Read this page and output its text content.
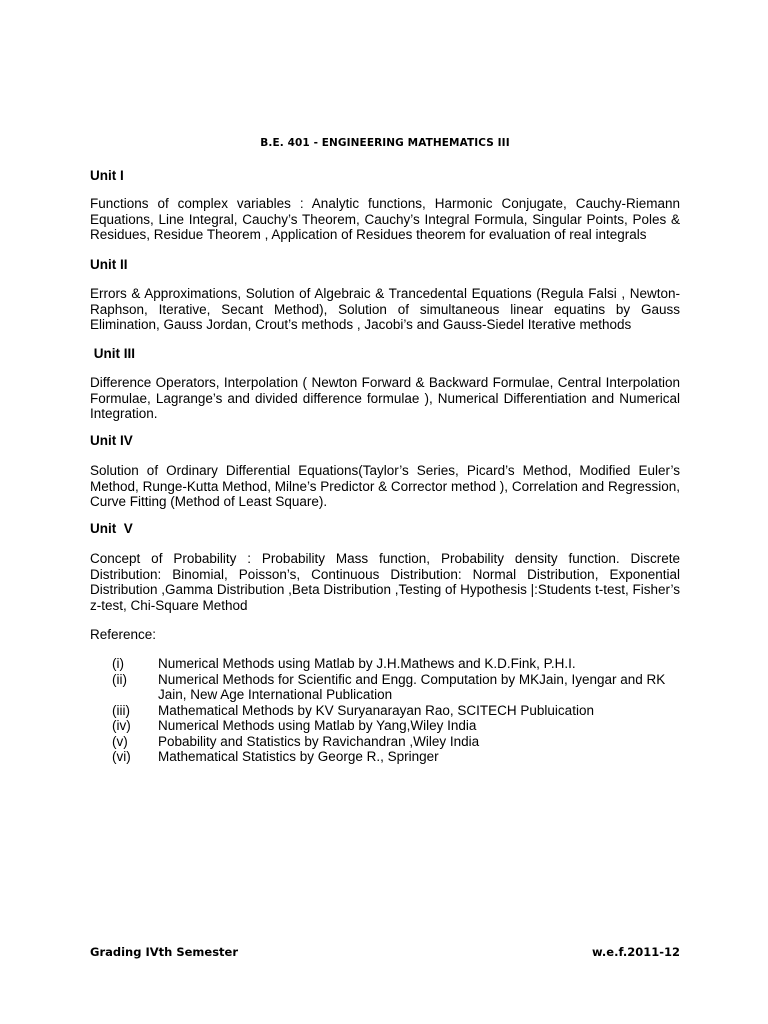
B.E. 401 - ENGINEERING MATHEMATICS III
Unit I
Functions of complex variables : Analytic functions, Harmonic Conjugate, Cauchy-Riemann Equations, Line Integral, Cauchy’s Theorem, Cauchy’s Integral Formula, Singular Points, Poles & Residues, Residue Theorem , Application of Residues theorem for evaluation of real integrals
Unit II
Errors & Approximations, Solution of Algebraic & Trancedental Equations (Regula Falsi , Newton-Raphson, Iterative, Secant Method), Solution of simultaneous linear equatins by Gauss Elimination, Gauss Jordan, Crout’s methods , Jacobi’s and Gauss-Siedel Iterative methods
Unit III
Difference Operators, Interpolation ( Newton Forward & Backward Formulae, Central Interpolation Formulae, Lagrange’s and divided difference formulae ), Numerical Differentiation and Numerical Integration.
Unit IV
Solution of Ordinary Differential Equations(Taylor’s Series, Picard’s Method, Modified Euler’s Method, Runge-Kutta Method, Milne’s Predictor & Corrector method ), Correlation and Regression, Curve Fitting (Method of Least Square).
Unit  V
Concept of Probability : Probability Mass function, Probability density function. Discrete Distribution: Binomial, Poisson’s, Continuous Distribution: Normal Distribution, Exponential Distribution ,Gamma Distribution ,Beta Distribution ,Testing of Hypothesis |:Students t-test, Fisher’s z-test, Chi-Square Method
Reference:
(i)	Numerical Methods using Matlab by J.H.Mathews and K.D.Fink, P.H.I.
(ii)	Numerical Methods for Scientific and Engg. Computation by MKJain, Iyengar and RK Jain, New Age International Publication
(iii)	Mathematical Methods by KV Suryanarayan Rao, SCITECH Publuication
(iv)	Numerical Methods using Matlab by Yang,Wiley India
(v)	Pobability and Statistics by Ravichandran ,Wiley India
(vi)	Mathematical Statistics by George R., Springer
Grading IVth Semester	w.e.f.2011-12
